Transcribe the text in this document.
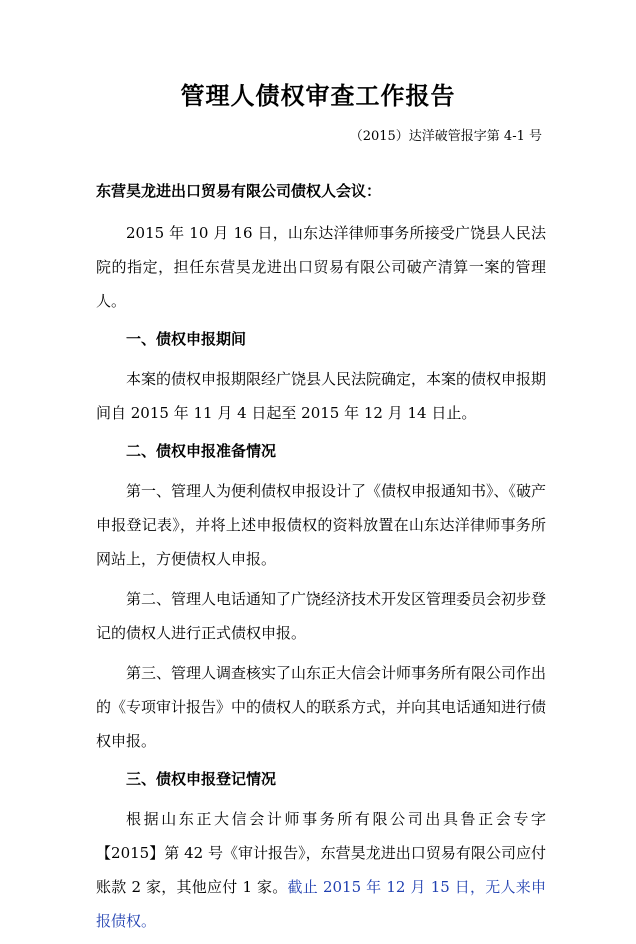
管理人债权审查工作报告
（2015）达洋破管报字第 4-1 号

东营昊龙进出口贸易有限公司债权人会议：

2015 年 10 月 16 日，山东达洋律师事务所接受广饶县人民法院的指定，担任东营昊龙进出口贸易有限公司破产清算一案的管理人。

一、债权申报期间

本案的债权申报期限经广饶县人民法院确定，本案的债权申报期间自 2015 年 11 月 4 日起至 2015 年 12 月 14 日止。

二、债权申报准备情况

第一、管理人为便利债权申报设计了《债权申报通知书》、《破产申报登记表》，并将上述申报债权的资料放置在山东达洋律师事务所网站上，方便债权人申报。

第二、管理人电话通知了广饶经济技术开发区管理委员会初步登记的债权人进行正式债权申报。

第三、管理人调查核实了山东正大信会计师事务所有限公司作出的《专项审计报告》中的债权人的联系方式，并向其电话通知进行债权申报。

三、债权申报登记情况

根据山东正大信会计师事务所有限公司出具鲁正会专字【2015】第 42 号《审计报告》，东营昊龙进出口贸易有限公司应付账款 2 家，其他应付 1 家。截止 2015 年 12 月 15 日，无人来申报债权。
